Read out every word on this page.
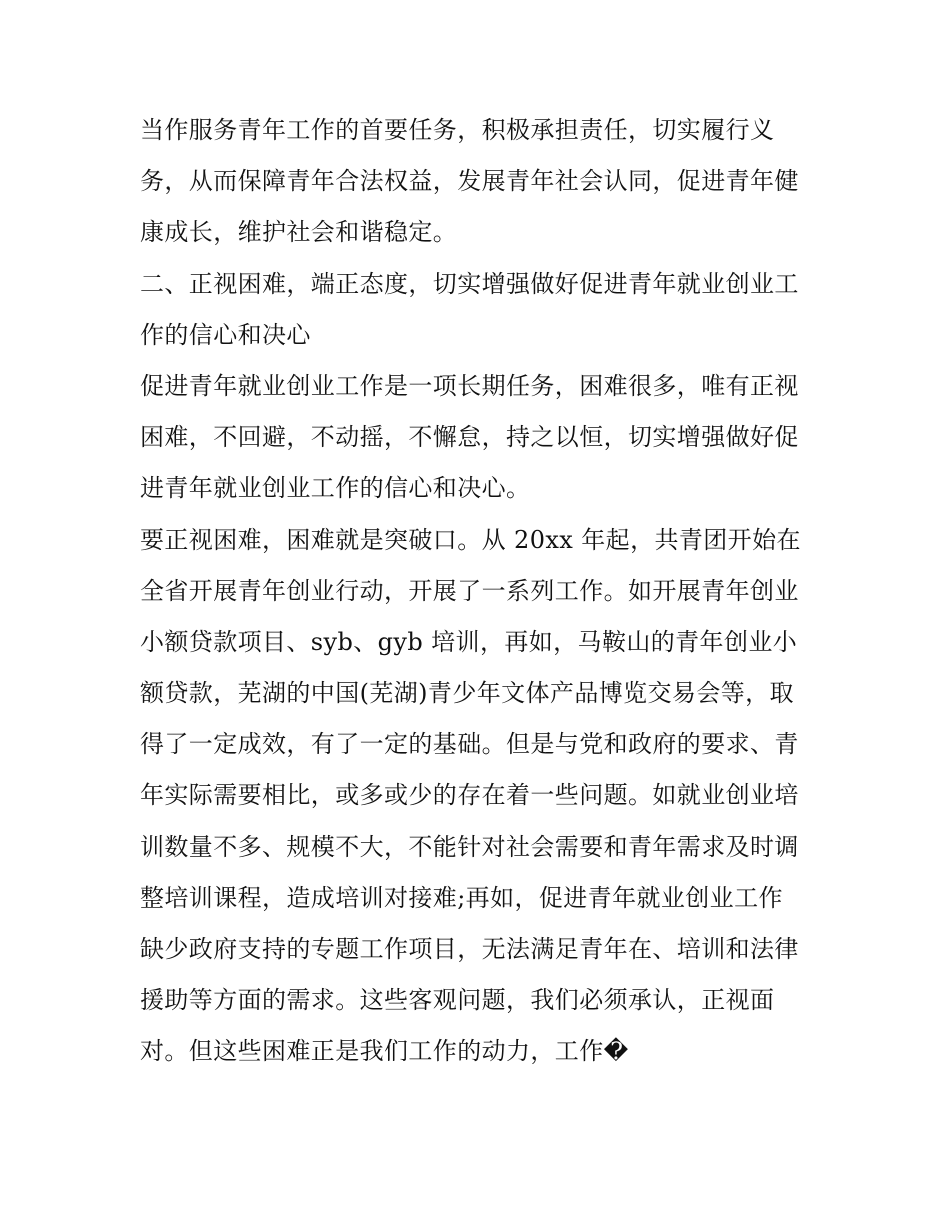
当作服务青年工作的首要任务，积极承担责任，切实履行义
务，从而保障青年合法权益，发展青年社会认同，促进青年健
康成长，维护社会和谐稳定。
二、正视困难，端正态度，切实增强做好促进青年就业创业工
作的信心和决心
促进青年就业创业工作是一项长期任务，困难很多，唯有正视
困难，不回避，不动摇，不懈怠，持之以恒，切实增强做好促
进青年就业创业工作的信心和决心。
要正视困难，困难就是突破口。从 20xx 年起，共青团开始在
全省开展青年创业行动，开展了一系列工作。如开展青年创业
小额贷款项目、syb、gyb 培训，再如，马鞍山的青年创业小
额贷款，芜湖的中国(芜湖)青少年文体产品博览交易会等，取
得了一定成效，有了一定的基础。但是与党和政府的要求、青
年实际需要相比，或多或少的存在着一些问题。如就业创业培
训数量不多、规模不大，不能针对社会需要和青年需求及时调
整培训课程，造成培训对接难;再如，促进青年就业创业工作
缺少政府支持的专题工作项目，无法满足青年在、培训和法律
援助等方面的需求。这些客观问题，我们必须承认，正视面
对。但这些困难正是我们工作的动力，工作�
